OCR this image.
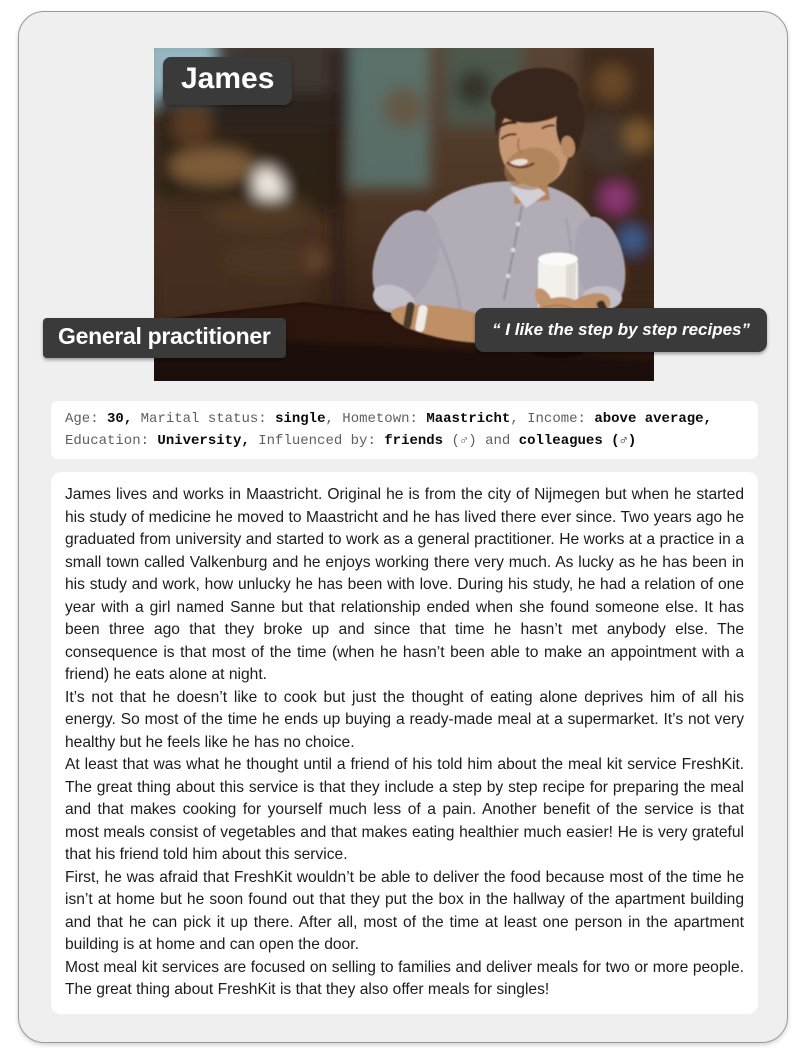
James
General practitioner	“ I like the step by step recipes”
Age: 30, Marital status: single, Hometown: Maastricht, Income: above average, Education: University, Influenced by: friends (♂) and colleagues (♂)
James lives and works in Maastricht. Original he is from the city of Nijmegen but when he started his study of medicine he moved to Maastricht and he has lived there ever since. Two years ago he graduated from university and started to work as a general practitioner. He works at a practice in a small town called Valkenburg and he enjoys working there very much. As lucky as he has been in his study and work, how unlucky he has been with love. During his study, he had a relation of one year with a girl named Sanne but that relationship ended when she found someone else. It has been three ago that they broke up and since that time he hasn’t met anybody else. The consequence is that most of the time (when he hasn’t been able to make an appointment with a friend) he eats alone at night.
It’s not that he doesn’t like to cook but just the thought of eating alone deprives him of all his energy. So most of the time he ends up buying a ready-made meal at a supermarket. It’s not very healthy but he feels like he has no choice.
At least that was what he thought until a friend of his told him about the meal kit service FreshKit. The great thing about this service is that they include a step by step recipe for preparing the meal and that makes cooking for yourself much less of a pain. Another benefit of the service is that most meals consist of vegetables and that makes eating healthier much easier! He is very grateful that his friend told him about this service.
First, he was afraid that FreshKit wouldn’t be able to deliver the food because most of the time he isn’t at home but he soon found out that they put the box in the hallway of the apartment building and that he can pick it up there. After all, most of the time at least one person in the apartment building is at home and can open the door.
Most meal kit services are focused on selling to families and deliver meals for two or more people. The great thing about FreshKit is that they also offer meals for singles!
